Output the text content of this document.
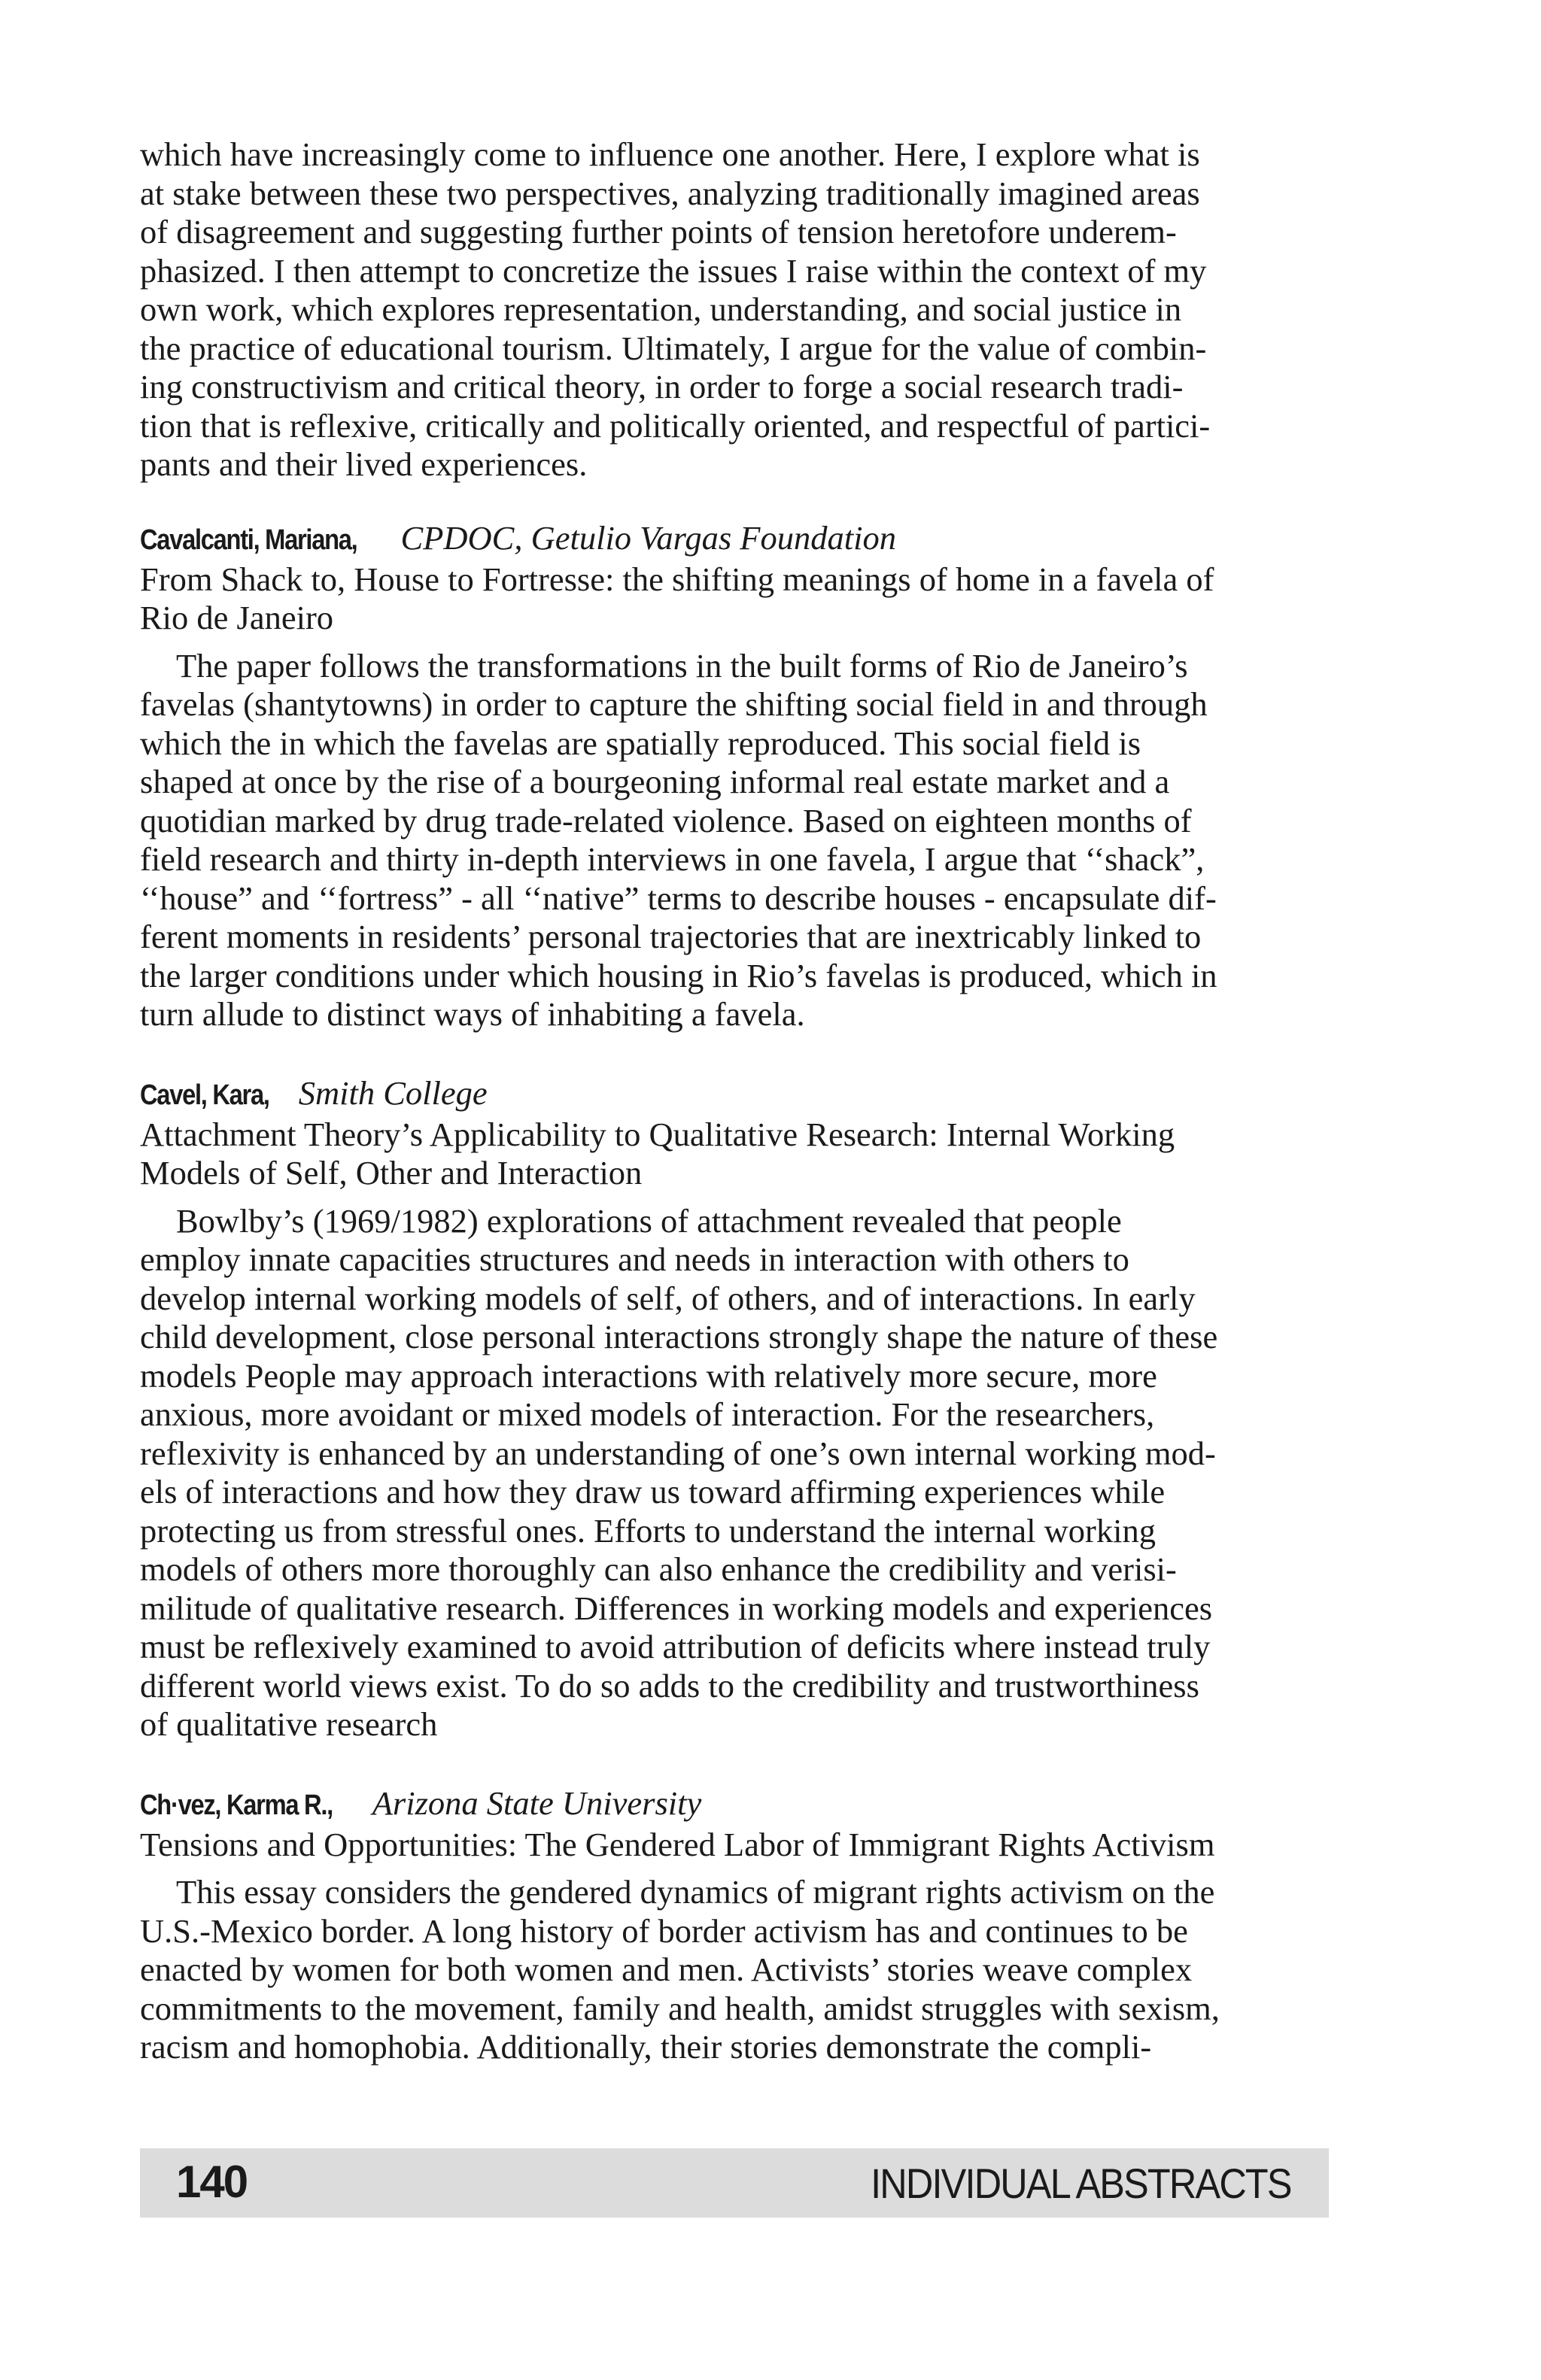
which have increasingly come to influence one another. Here, I explore what is
at stake between these two perspectives, analyzing traditionally imagined areas
of disagreement and suggesting further points of tension heretofore underem-
phasized. I then attempt to concretize the issues I raise within the context of my
own work, which explores representation, understanding, and social justice in
the practice of educational tourism. Ultimately, I argue for the value of combin-
ing constructivism and critical theory, in order to forge a social research tradi-
tion that is reflexive, critically and politically oriented, and respectful of partici-
pants and their lived experiences.
Cavalcanti, Mariana, CPDOC, Getulio Vargas Foundation
From Shack to, House to Fortresse: the shifting meanings of home in a favela of
Rio de Janeiro
The paper follows the transformations in the built forms of Rio de Janeiro’s
favelas (shantytowns) in order to capture the shifting social field in and through
which the in which the favelas are spatially reproduced. This social field is
shaped at once by the rise of a bourgeoning informal real estate market and a
quotidian marked by drug trade-related violence. Based on eighteen months of
field research and thirty in-depth interviews in one favela, I argue that ‘‘shack”,
‘‘house” and ‘‘fortress” - all ‘‘native” terms to describe houses - encapsulate dif-
ferent moments in residents’ personal trajectories that are inextricably linked to
the larger conditions under which housing in Rio’s favelas is produced, which in
turn allude to distinct ways of inhabiting a favela.
Cavel, Kara, Smith College
Attachment Theory’s Applicability to Qualitative Research: Internal Working
Models of Self, Other and Interaction
Bowlby’s (1969/1982) explorations of attachment revealed that people
employ innate capacities structures and needs in interaction with others to
develop internal working models of self, of others, and of interactions. In early
child development, close personal interactions strongly shape the nature of these
models People may approach interactions with relatively more secure, more
anxious, more avoidant or mixed models of interaction. For the researchers,
reflexivity is enhanced by an understanding of one’s own internal working mod-
els of interactions and how they draw us toward affirming experiences while
protecting us from stressful ones. Efforts to understand the internal working
models of others more thoroughly can also enhance the credibility and verisi-
militude of qualitative research. Differences in working models and experiences
must be reflexively examined to avoid attribution of deficits where instead truly
different world views exist. To do so adds to the credibility and trustworthiness
of qualitative research
Ch·vez, Karma R., Arizona State University
Tensions and Opportunities: The Gendered Labor of Immigrant Rights Activism
This essay considers the gendered dynamics of migrant rights activism on the
U.S.-Mexico border. A long history of border activism has and continues to be
enacted by women for both women and men. Activists’ stories weave complex
commitments to the movement, family and health, amidst struggles with sexism,
racism and homophobia. Additionally, their stories demonstrate the compli-
140	INDIVIDUAL ABSTRACTS
